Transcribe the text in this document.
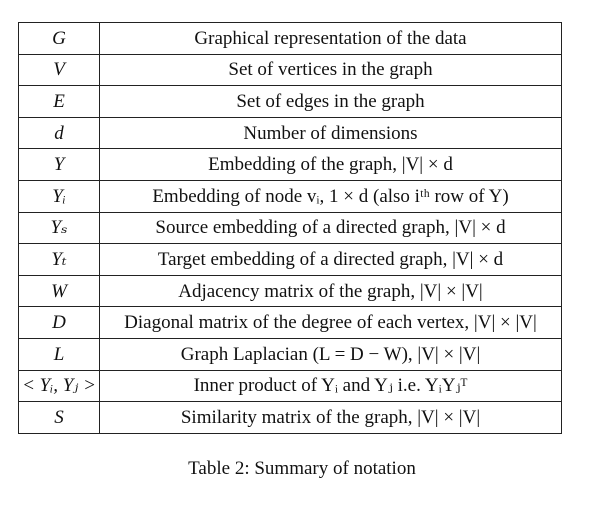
G	Graphical representation of the data
V	Set of vertices in the graph
E	Set of edges in the graph
d	Number of dimensions
Y	Embedding of the graph, |V| × d
Yᵢ	Embedding of node vᵢ, 1 × d (also iᵗʰ row of Y)
Yₛ	Source embedding of a directed graph, |V| × d
Yₜ	Target embedding of a directed graph, |V| × d
W	Adjacency matrix of the graph, |V| × |V|
D	Diagonal matrix of the degree of each vertex, |V| × |V|
L	Graph Laplacian (L = D − W), |V| × |V|
< Yᵢ, Yⱼ >	Inner product of Yᵢ and Yⱼ i.e. YᵢYⱼᵀ
S	Similarity matrix of the graph, |V| × |V|
Table 2: Summary of notation
